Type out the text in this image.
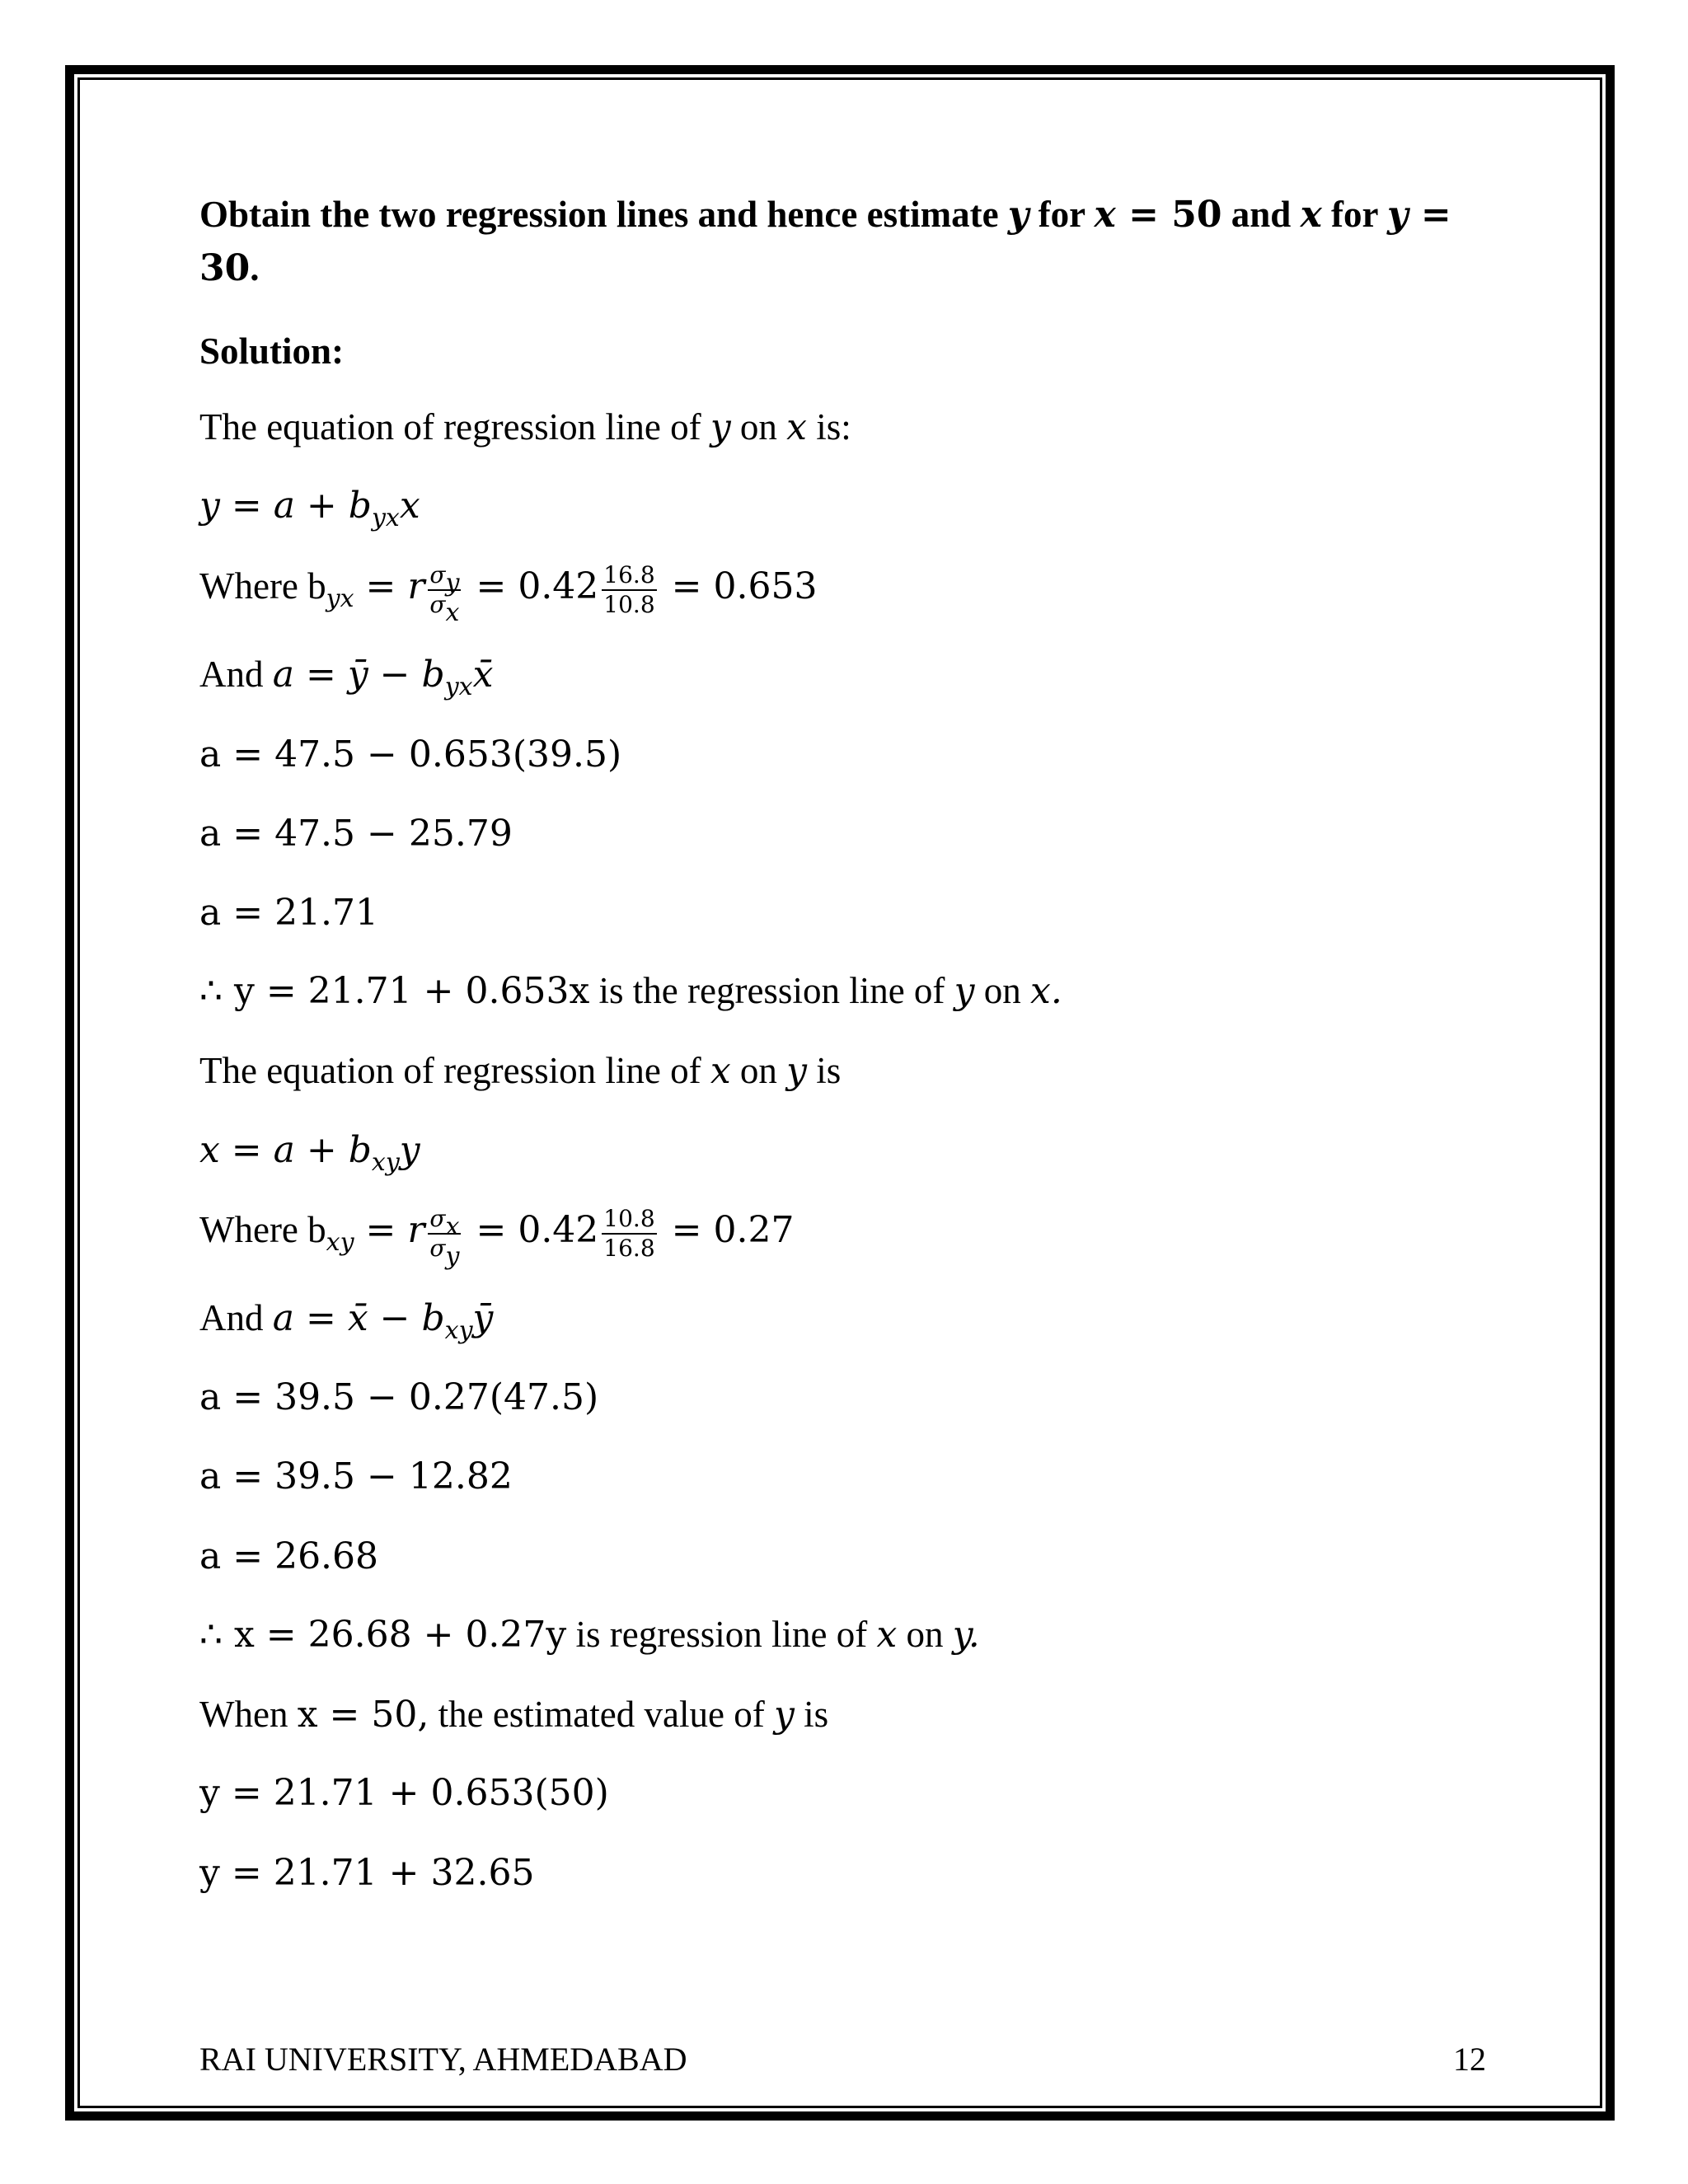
Obtain the two regression lines and hence estimate y for x = 50 and x for y = 30.
Solution:
The equation of regression line of y on x is:
$y = a + b_{yx}x$
Where $b_{yx} = r \frac{\sigma_y}{\sigma_x} = 0.42 \frac{16.8}{10.8} = 0.653$
And a = ȳ − $b_{yx}x̄$
a = 47.5 − 0.653(39.5)
a = 47.5 − 25.79
a = 21.71
∴ y = 21.71 + 0.653x is the regression line of y on x.
The equation of regression line of x on y is
$x = a + b_{xy}y$
Where $b_{xy} = r \frac{\sigma_x}{\sigma_y} = 0.42 \frac{10.8}{16.8} = 0.27$
And a = x̄ − $b_{xy}ȳ$
a = 39.5 − 0.27(47.5)
a = 39.5 − 12.82
a = 26.68
∴ x = 26.68 + 0.27y is regression line of x on y.
When x = 50, the estimated value of y is
y = 21.71 + 0.653(50)
y = 21.71 + 32.65
RAI UNIVERSITY, AHMEDABAD	12
